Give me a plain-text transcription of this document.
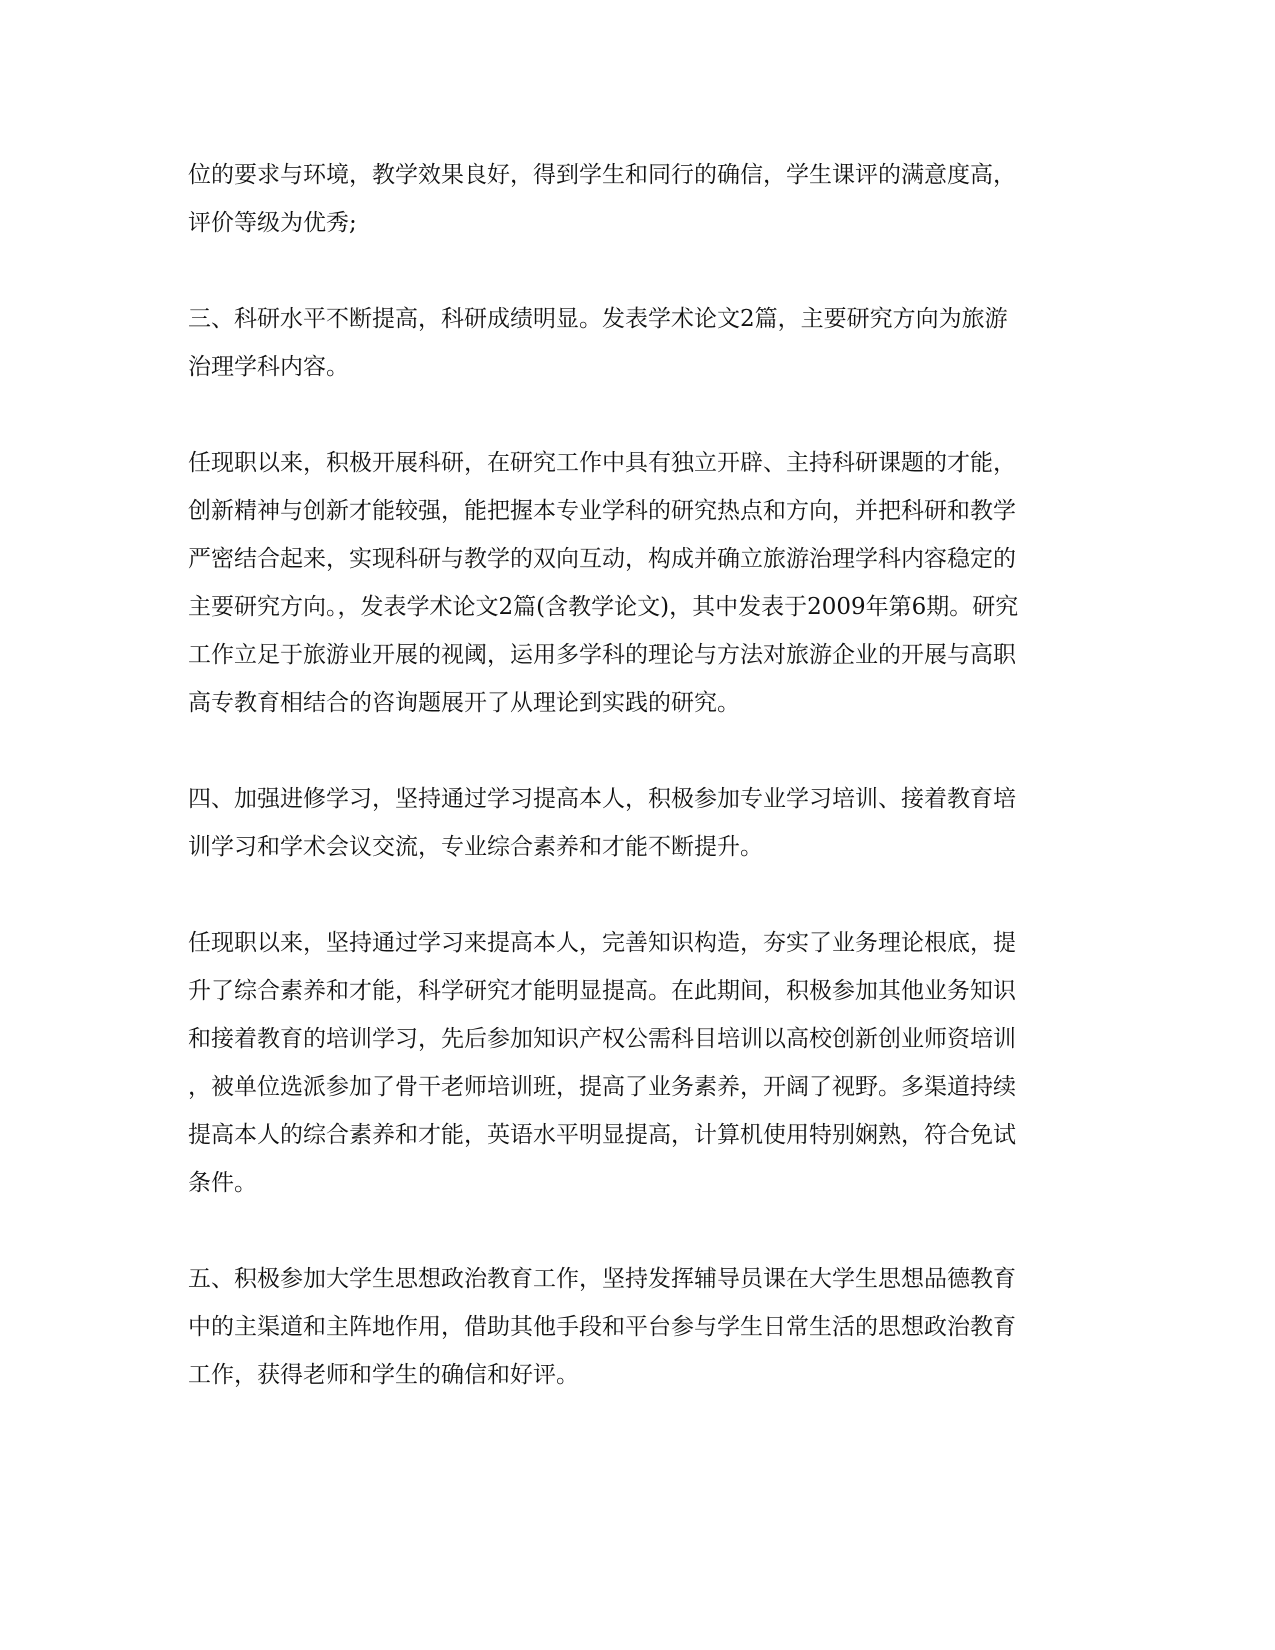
位的要求与环境，教学效果良好，得到学生和同行的确信，学生课评的满意度高，
评价等级为优秀;

三、科研水平不断提高，科研成绩明显。发表学术论文2篇，主要研究方向为旅游
治理学科内容。

任现职以来，积极开展科研，在研究工作中具有独立开辟、主持科研课题的才能，
创新精神与创新才能较强，能把握本专业学科的研究热点和方向，并把科研和教学
严密结合起来，实现科研与教学的双向互动，构成并确立旅游治理学科内容稳定的
主要研究方向。，发表学术论文2篇(含教学论文)，其中发表于2009年第6期。研究
工作立足于旅游业开展的视阈，运用多学科的理论与方法对旅游企业的开展与高职
高专教育相结合的咨询题展开了从理论到实践的研究。

四、加强进修学习，坚持通过学习提高本人，积极参加专业学习培训、接着教育培
训学习和学术会议交流，专业综合素养和才能不断提升。

任现职以来，坚持通过学习来提高本人，完善知识构造，夯实了业务理论根底，提
升了综合素养和才能，科学研究才能明显提高。在此期间，积极参加其他业务知识
和接着教育的培训学习，先后参加知识产权公需科目培训以高校创新创业师资培训
，被单位选派参加了骨干老师培训班，提高了业务素养，开阔了视野。多渠道持续
提高本人的综合素养和才能，英语水平明显提高，计算机使用特别娴熟，符合免试
条件。

五、积极参加大学生思想政治教育工作，坚持发挥辅导员课在大学生思想品德教育
中的主渠道和主阵地作用，借助其他手段和平台参与学生日常生活的思想政治教育
工作，获得老师和学生的确信和好评。
